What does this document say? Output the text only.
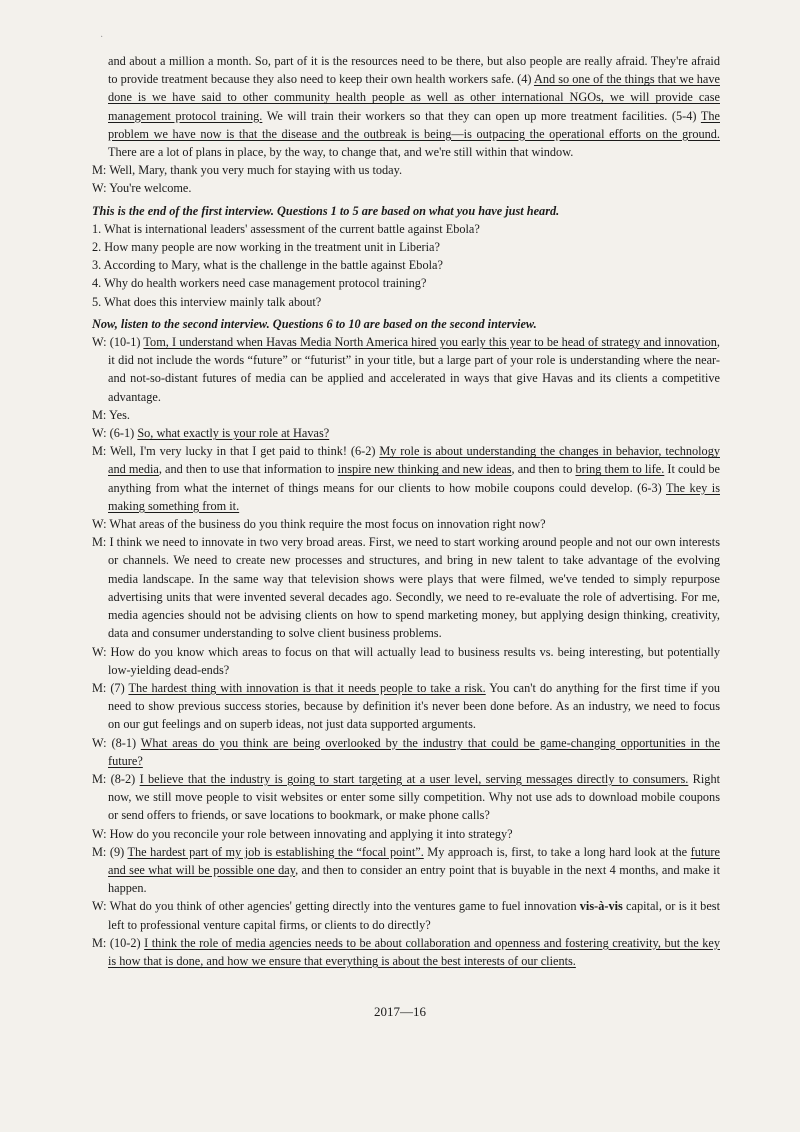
·

and about a million a month. So, part of it is the resources need to be there, but also people are really afraid. They're afraid to provide treatment because they also need to keep their own health workers safe. (4) And so one of the things that we have done is we have said to other community health people as well as other international NGOs, we will provide case management protocol training. We will train their workers so that they can open up more treatment facilities. (5-4) The problem we have now is that the disease and the outbreak is being—is outpacing the operational efforts on the ground. There are a lot of plans in place, by the way, to change that, and we're still within that window.

M: Well, Mary, thank you very much for staying with us today.

W: You're welcome.

This is the end of the first interview. Questions 1 to 5 are based on what you have just heard.

1. What is international leaders' assessment of the current battle against Ebola?

2. How many people are now working in the treatment unit in Liberia?

3. According to Mary, what is the challenge in the battle against Ebola?

4. Why do health workers need case management protocol training?

5. What does this interview mainly talk about?

Now, listen to the second interview. Questions 6 to 10 are based on the second interview.

W: (10-1) Tom, I understand when Havas Media North America hired you early this year to be head of strategy and innovation, it did not include the words “future” or “futurist” in your title, but a large part of your role is understanding where the near- and not-so-distant futures of media can be applied and accelerated in ways that give Havas and its clients a competitive advantage.

M: Yes.

W: (6-1) So, what exactly is your role at Havas?

M: Well, I'm very lucky in that I get paid to think! (6-2) My role is about understanding the changes in behavior, technology and media, and then to use that information to inspire new thinking and new ideas, and then to bring them to life. It could be anything from what the internet of things means for our clients to how mobile coupons could develop. (6-3) The key is making something from it.

W: What areas of the business do you think require the most focus on innovation right now?

M: I think we need to innovate in two very broad areas. First, we need to start working around people and not our own interests or channels. We need to create new processes and structures, and bring in new talent to take advantage of the evolving media landscape. In the same way that television shows were plays that were filmed, we've tended to simply repurpose advertising units that were invented several decades ago. Secondly, we need to re-evaluate the role of advertising. For me, media agencies should not be advising clients on how to spend marketing money, but applying design thinking, creativity, data and consumer understanding to solve client business problems.

W: How do you know which areas to focus on that will actually lead to business results vs. being interesting, but potentially low-yielding dead-ends?

M: (7) The hardest thing with innovation is that it needs people to take a risk. You can't do anything for the first time if you need to show previous success stories, because by definition it's never been done before. As an industry, we need to focus on our gut feelings and on superb ideas, not just data supported arguments.

W: (8-1) What areas do you think are being overlooked by the industry that could be game-changing opportunities in the future?

M: (8-2) I believe that the industry is going to start targeting at a user level, serving messages directly to consumers. Right now, we still move people to visit websites or enter some silly competition. Why not use ads to download mobile coupons or send offers to friends, or save locations to bookmark, or make phone calls?

W: How do you reconcile your role between innovating and applying it into strategy?

M: (9) The hardest part of my job is establishing the “focal point”. My approach is, first, to take a long hard look at the future and see what will be possible one day, and then to consider an entry point that is buyable in the next 4 months, and make it happen.

W: What do you think of other agencies' getting directly into the ventures game to fuel innovation vis-à-vis capital, or is it best left to professional venture capital firms, or clients to do directly?

M: (10-2) I think the role of media agencies needs to be about collaboration and openness and fostering creativity, but the key is how that is done, and how we ensure that everything is about the best interests of our clients.

2017—16
